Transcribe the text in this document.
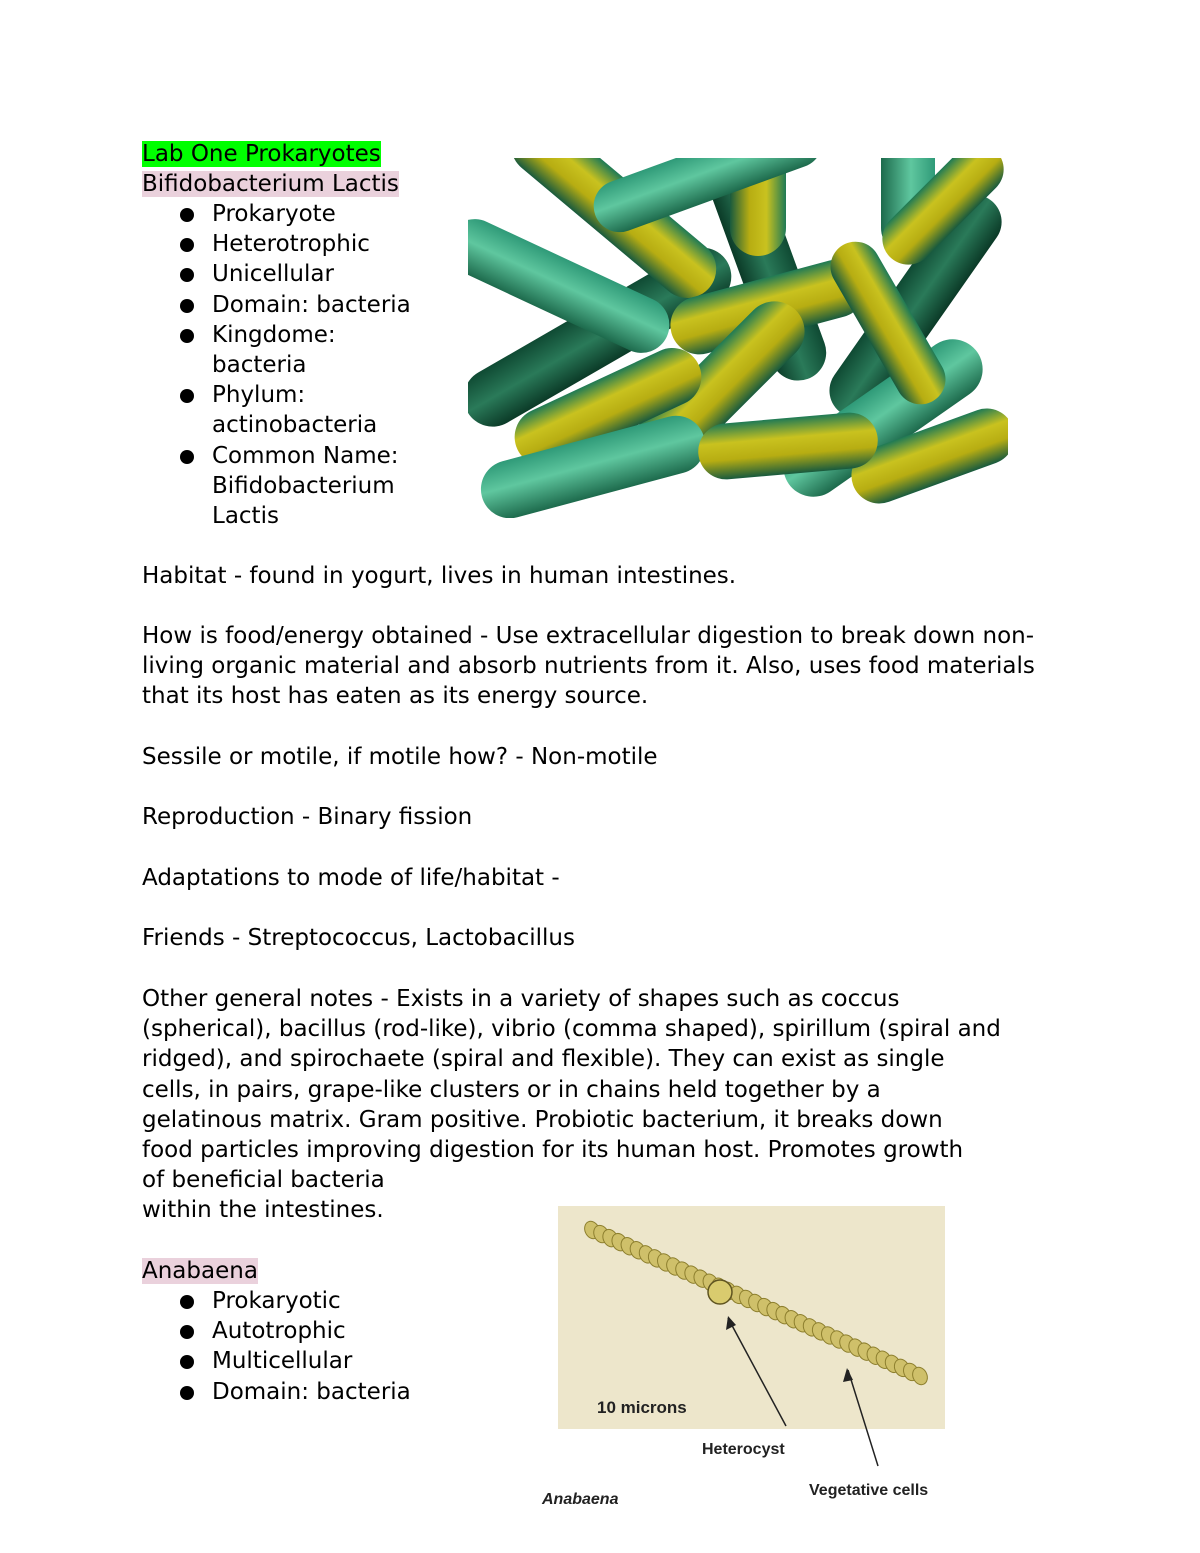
Lab One Prokaryotes
Bifidobacterium Lactis
Prokaryote
Heterotrophic
Unicellular
Domain: bacteria
Kingdome:
bacteria
Phylum:
actinobacteria
Common Name:
Bifidobacterium
Lactis
Habitat - found in yogurt, lives in human intestines.
How is food/energy obtained - Use extracellular digestion to break down non-living organic material and absorb nutrients from it. Also, uses food materials that its host has eaten as its energy source.
Sessile or motile, if motile how? - Non-motile
Reproduction - Binary fission
Adaptations to mode of life/habitat -
Friends - Streptococcus, Lactobacillus
Other general notes - Exists in a variety of shapes such as coccus
(spherical), bacillus (rod-like), vibrio (comma shaped), spirillum (spiral and
ridged), and spirochaete (spiral and flexible). They can exist as single
cells, in pairs, grape-like clusters or in chains held together by a
gelatinous matrix. Gram positive. Probiotic bacterium, it breaks down
food particles improving digestion for its human host. Promotes growth
of beneficial bacteria
within the intestines.
Anabaena
Prokaryotic
Autotrophic
Multicellular
Domain: bacteria
10 microns
Heterocyst
Vegetative cells
Anabaena
